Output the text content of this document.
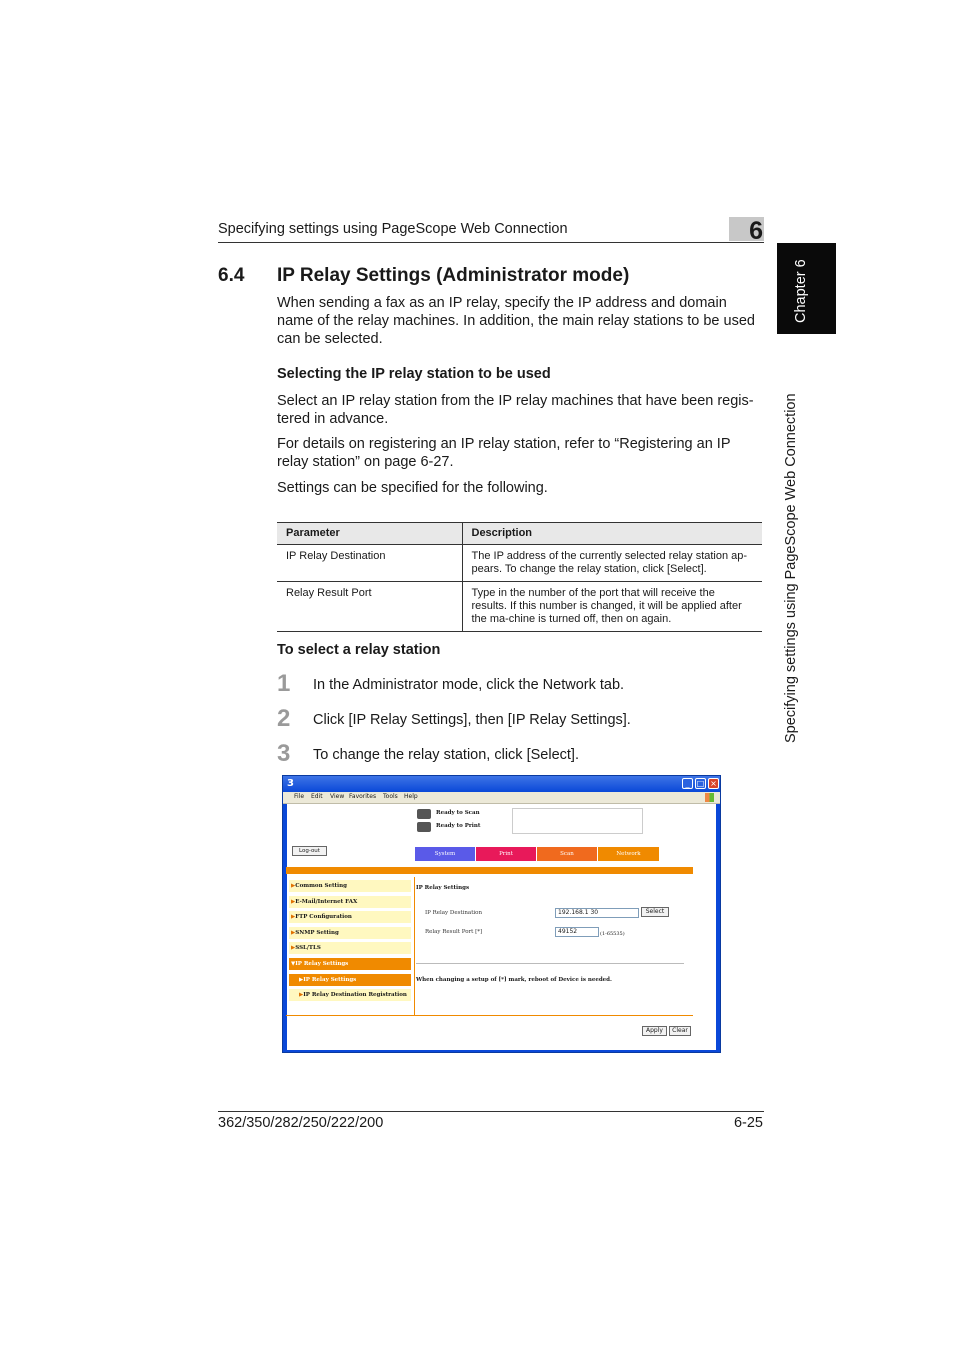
Specifying settings using PageScope Web Connection	6
Chapter 6
Specifying settings using PageScope Web Connection
6.4 IP Relay Settings (Administrator mode)
When sending a fax as an IP relay, specify the IP address and domain name of the relay machines. In addition, the main relay stations to be used can be selected.
Selecting the IP relay station to be used
Select an IP relay station from the IP relay machines that have been regis-tered in advance.
For details on registering an IP relay station, refer to “Registering an IP relay station” on page 6-27.
Settings can be specified for the following.
Parameter	Description
IP Relay Destination	The IP address of the currently selected relay station ap-pears. To change the relay station, click [Select].
Relay Result Port	Type in the number of the port that will receive the results. If this number is changed, it will be applied after the ma-chine is turned off, then on again.
To select a relay station
1 In the Administrator mode, click the Network tab.
2 Click [IP Relay Settings], then [IP Relay Settings].
3 To change the relay station, click [Select].
3	_ □ ×
File Edit View Favorites Tools Help
Ready to Scan
Ready to Print
Log-out	System	Print	Scan	Network
▶Common Setting
▶E-Mail/Internet FAX
▶FTP Configuration
▶SNMP Setting
▶SSL/TLS
▼IP Relay Settings
▶IP Relay Settings
▶IP Relay Destination Registration
IP Relay Settings
IP Relay Destination	192.168.1 30	Select
Relay Result Port [*]	49152	(1-65535)
When changing a setup of [*] mark, reboot of Device is needed.
Apply	Clear
362/350/282/250/222/200	6-25
